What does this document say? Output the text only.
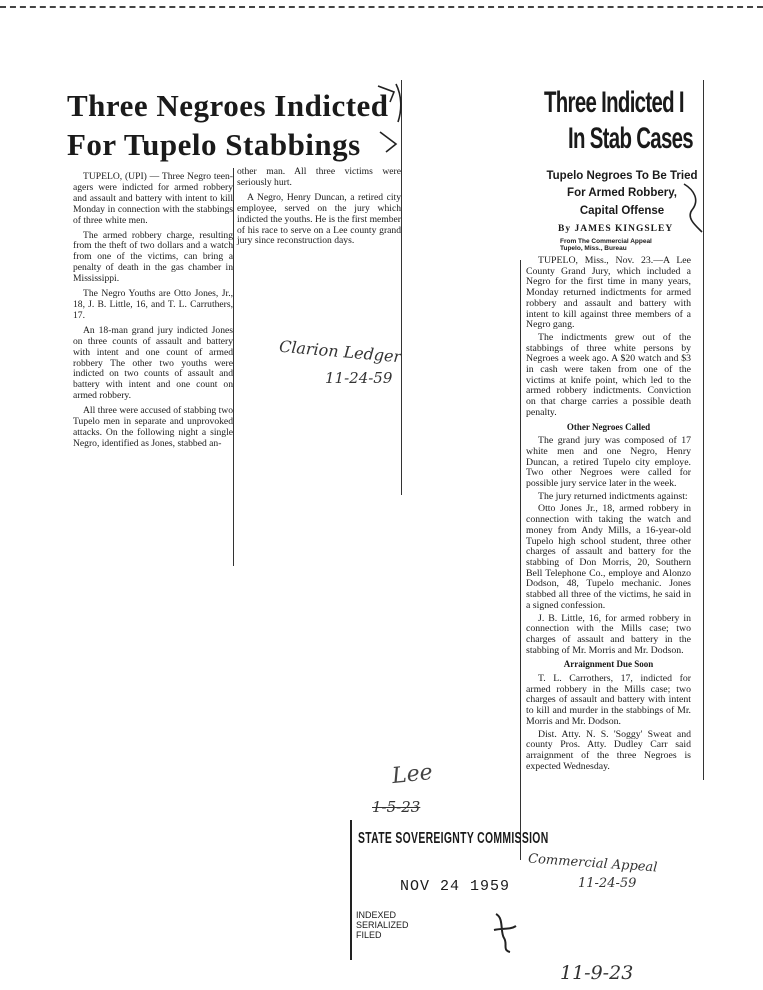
Three Negroes Indicted
For Tupelo Stabbings

TUPELO, (UPI) — Three Negro teen-agers were indicted for armed robbery and assault and battery with intent to kill Monday in connection with the stabbings of three white men.

The armed robbery charge, resulting from the theft of two dollars and a watch from one of the victims, can bring a penalty of death in the gas chamber in Mississippi.

The Negro Youths are Otto Jones, Jr., 18, J. B. Little, 16, and T. L. Carruthers, 17.

An 18-man grand jury indicted Jones on three counts of assault and battery with intent and one count of armed robbery The other two youths were indicted on two counts of assault and battery with intent and one count on armed robbery.

All three were accused of stabbing two Tupelo men in separate and unprovoked attacks. On the following night a single Negro, identified as Jones, stabbed an-

other man. All three victims were seriously hurt.

A Negro, Henry Duncan, a retired city employee, served on the jury which indicted the youths. He is the first member of his race to serve on a Lee county grand jury since reconstruction days.

Clarion Ledger
11-24-59
Three Indicted I
In Stab Cases
Tupelo Negroes To Be Tried
For Armed Robbery,
Capital Offense
By JAMES KINGSLEY
From The Commercial Appeal
Tupelo, Miss., Bureau

TUPELO, Miss., Nov. 23.—A Lee County Grand Jury, which included a Negro for the first time in many years, Monday returned indictments for armed robbery and assault and battery with intent to kill against three members of a Negro gang.

The indictments grew out of the stabbings of three white persons by Negroes a week ago. A $20 watch and $3 in cash were taken from one of the victims at knife point, which led to the armed robbery indictments. Conviction on that charge carries a possible death penalty.

Other Negroes Called

The grand jury was composed of 17 white men and one Negro, Henry Duncan, a retired Tupelo city employe. Two other Negroes were called for possible jury service later in the week.

The jury returned indictments against:

Otto Jones Jr., 18, armed robbery in connection with taking the watch and money from Andy Mills, a 16-year-old Tupelo high school student, three other charges of assault and battery for the stabbing of Don Morris, 20, Southern Bell Telephone Co., employe and Alonzo Dodson, 48, Tupelo mechanic. Jones stabbed all three of the victims, he said in a signed confession.

J. B. Little, 16, for armed robbery in connection with the Mills case; two charges of assault and battery in the stabbing of Mr. Morris and Mr. Dodson.

Arraignment Due Soon

T. L. Carrothers, 17, indicted for armed robbery in the Mills case; two charges of assault and battery with intent to kill and murder in the stabbings of Mr. Morris and Mr. Dodson.

Dist. Atty. N. S. 'Soggy' Sweat and county Pros. Atty. Dudley Carr said arraignment of the three Negroes is expected Wednesday.

Commercial Appeal
11-24-59
Lee
1-5-23
STATE SOVEREIGNTY COMMISSION
NOV 24 1959
INDEXED
SERIALIZED
FILED
11-9-23
